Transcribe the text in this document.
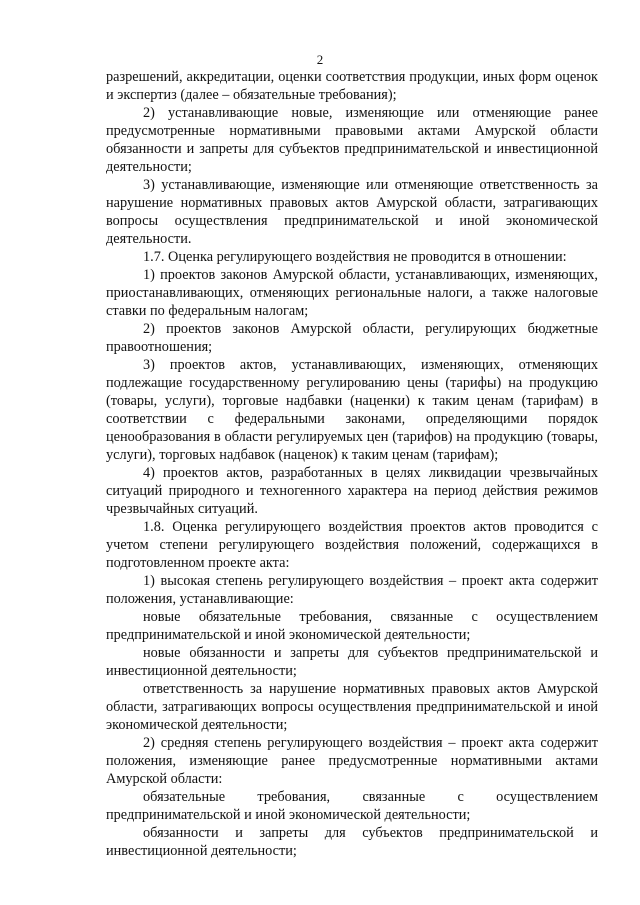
2

разрешений, аккредитации, оценки соответствия продукции, иных форм оценок и экспертиз (далее – обязательные требования);

2) устанавливающие новые, изменяющие или отменяющие ранее предусмотренные нормативными правовыми актами Амурской области обязанности и запреты для субъектов предпринимательской и инвестиционной деятельности;

3) устанавливающие, изменяющие или отменяющие ответственность за нарушение нормативных правовых актов Амурской области, затрагивающих вопросы осуществления предпринимательской и иной экономической деятельности.

1.7. Оценка регулирующего воздействия не проводится в отношении:

1) проектов законов Амурской области, устанавливающих, изменяющих, приостанавливающих, отменяющих региональные налоги, а также налоговые ставки по федеральным налогам;

2) проектов законов Амурской области, регулирующих бюджетные правоотношения;

3) проектов актов, устанавливающих, изменяющих, отменяющих подлежащие государственному регулированию цены (тарифы) на продукцию (товары, услуги), торговые надбавки (наценки) к таким ценам (тарифам) в соответствии с федеральными законами, определяющими порядок ценообразования в области регулируемых цен (тарифов) на продукцию (товары, услуги), торговых надбавок (наценок) к таким ценам (тарифам);

4) проектов актов, разработанных в целях ликвидации чрезвычайных ситуаций природного и техногенного характера на период действия режимов чрезвычайных ситуаций.

1.8. Оценка регулирующего воздействия проектов актов проводится с учетом степени регулирующего воздействия положений, содержащихся в подготовленном проекте акта:

1) высокая степень регулирующего воздействия – проект акта содержит положения, устанавливающие:

новые обязательные требования, связанные с осуществлением предпринимательской и иной экономической деятельности;

новые обязанности и запреты для субъектов предпринимательской и инвестиционной деятельности;

ответственность за нарушение нормативных правовых актов Амурской области, затрагивающих вопросы осуществления предпринимательской и иной экономической деятельности;

2) средняя степень регулирующего воздействия – проект акта содержит положения, изменяющие ранее предусмотренные нормативными актами Амурской области:

обязательные требования, связанные с осуществлением предпринимательской и иной экономической деятельности;

обязанности и запреты для субъектов предпринимательской и инвестиционной деятельности;
